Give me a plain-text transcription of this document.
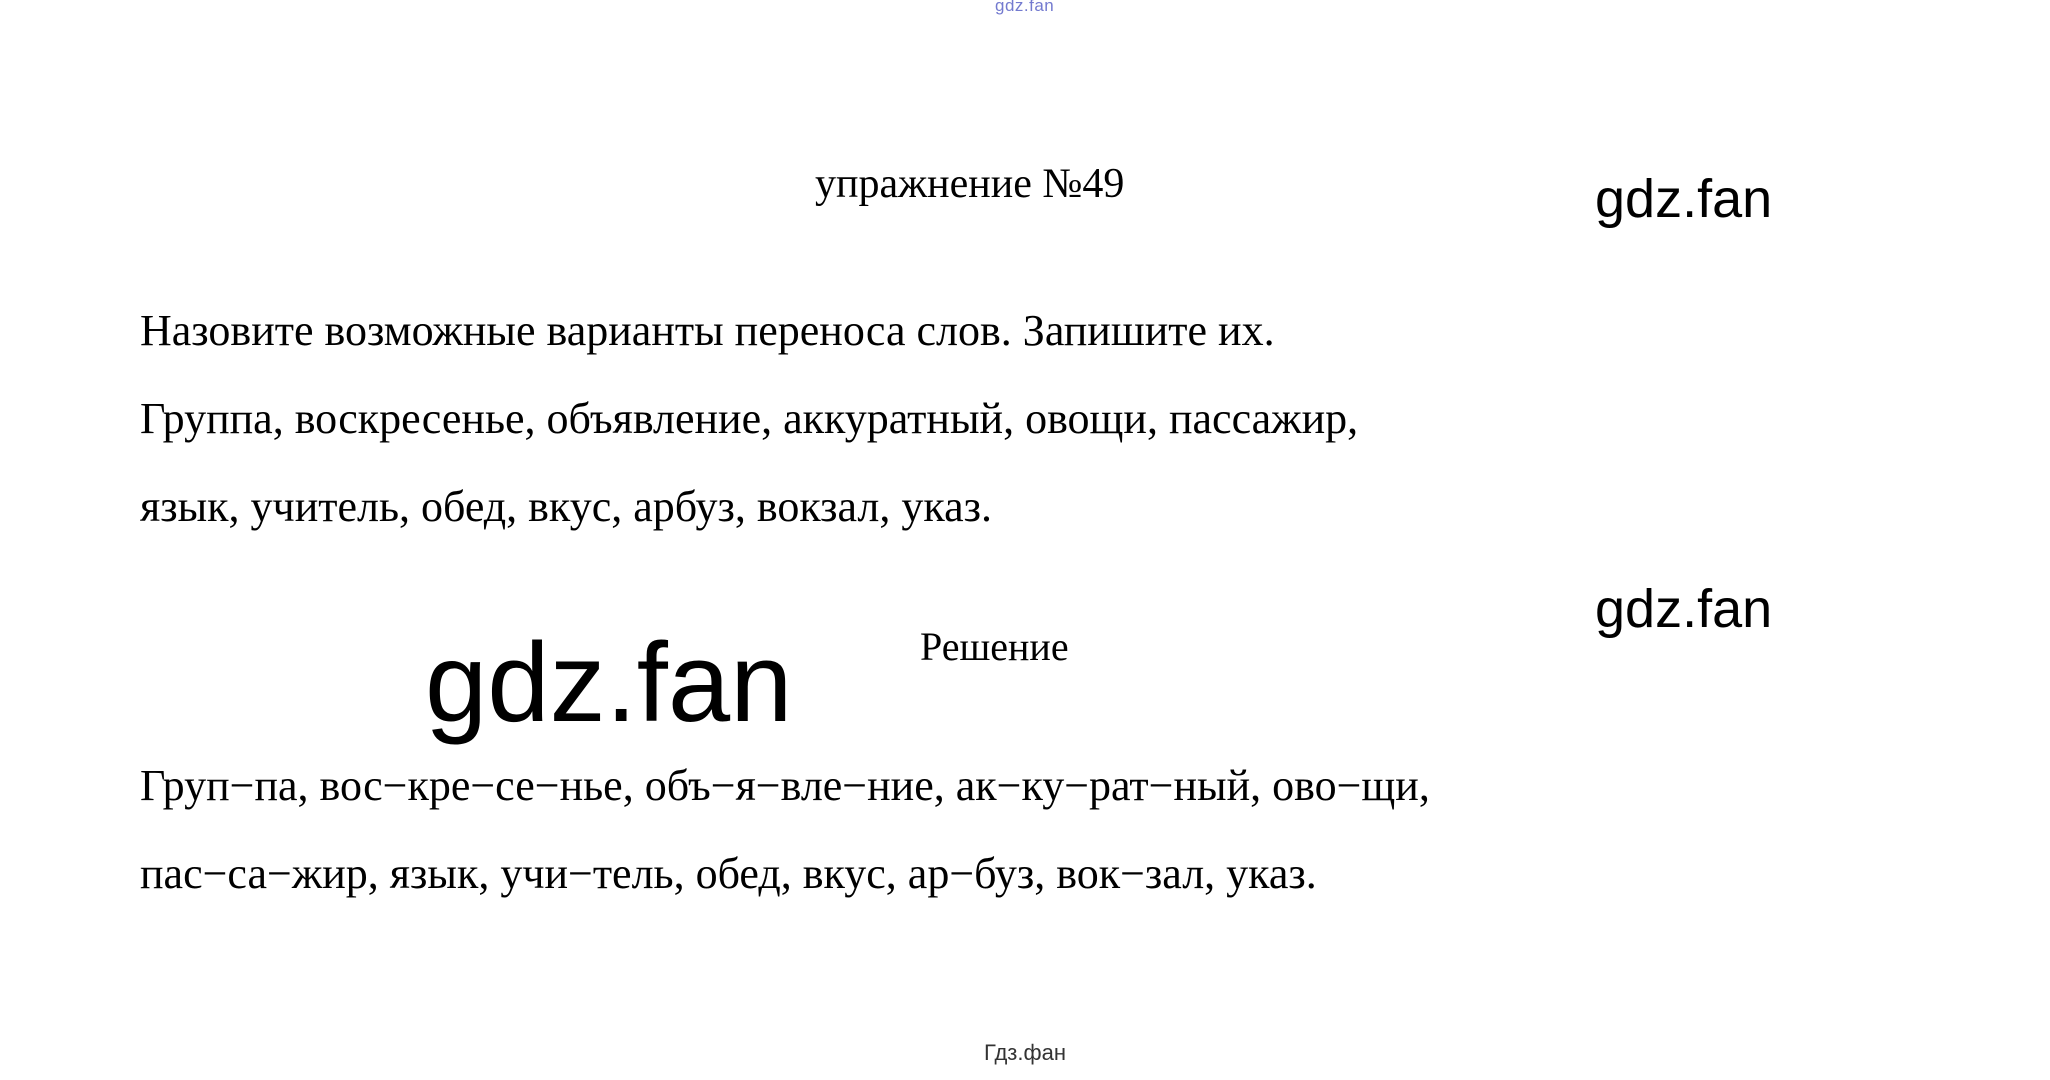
gdz.fan
упражнение №49	gdz.fan
Назовите возможные варианты переноса слов. Запишите их.
Группа, воскресенье, объявление, аккуратный, овощи, пассажир,
язык, учитель, обед, вкус, арбуз, вокзал, указ.
gdz.fan
gdz.fan	Решение
Груп−па, вос−кре−се−нье, объ−я−вле−ние, ак−ку−рат−ный, ово−щи,
пас−са−жир, язык, учи−тель, обед, вкус, ар−буз, вок−зал, указ.
Гдз.фан
